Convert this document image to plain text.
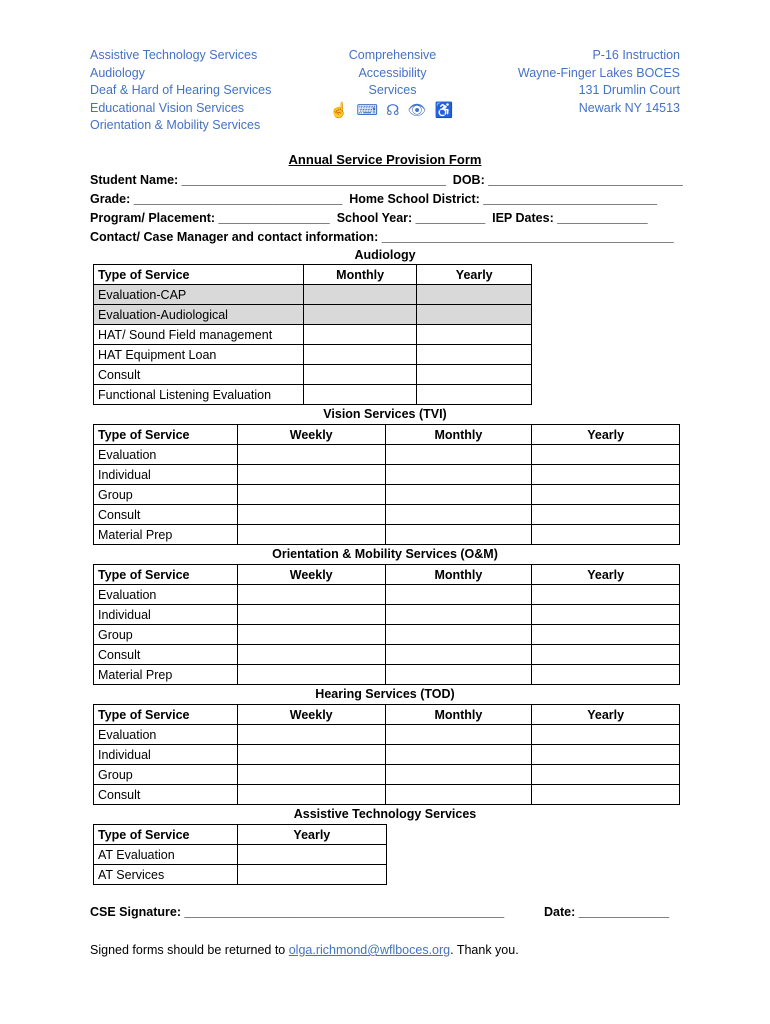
Assistive Technology Services
Audiology
Deaf & Hard of Hearing Services
Educational Vision Services
Orientation & Mobility Services
Comprehensive
Accessibility
Services
☝ ⌨ ☊ 👁 ♿
P-16 Instruction
Wayne-Finger Lakes BOCES
131 Drumlin Court
Newark NY 14513
Annual Service Provision Form
Student Name: ______________________________________  DOB: ____________________________
Grade: ______________________________  Home School District: _________________________
Program/ Placement: ________________  School Year: __________  IEP Dates: _____________
Contact/ Case Manager and contact information: __________________________________________
Audiology
Type of Service	Monthly	Yearly
Evaluation-CAP		
Evaluation-Audiological		
HAT/ Sound Field management		
HAT Equipment Loan		
Consult		
Functional Listening Evaluation		
Vision Services (TVI)
Type of Service	Weekly	Monthly	Yearly
Evaluation			
Individual			
Group			
Consult			
Material Prep			
Orientation & Mobility Services (O&M)
Type of Service	Weekly	Monthly	Yearly
Evaluation			
Individual			
Group			
Consult			
Material Prep			
Hearing Services (TOD)
Type of Service	Weekly	Monthly	Yearly
Evaluation			
Individual			
Group			
Consult			
Assistive Technology Services
Type of Service	Yearly
AT Evaluation	
AT Services	
CSE Signature: ______________________________________________	Date: _____________
Signed forms should be returned to olga.richmond@wflboces.org. Thank you.
